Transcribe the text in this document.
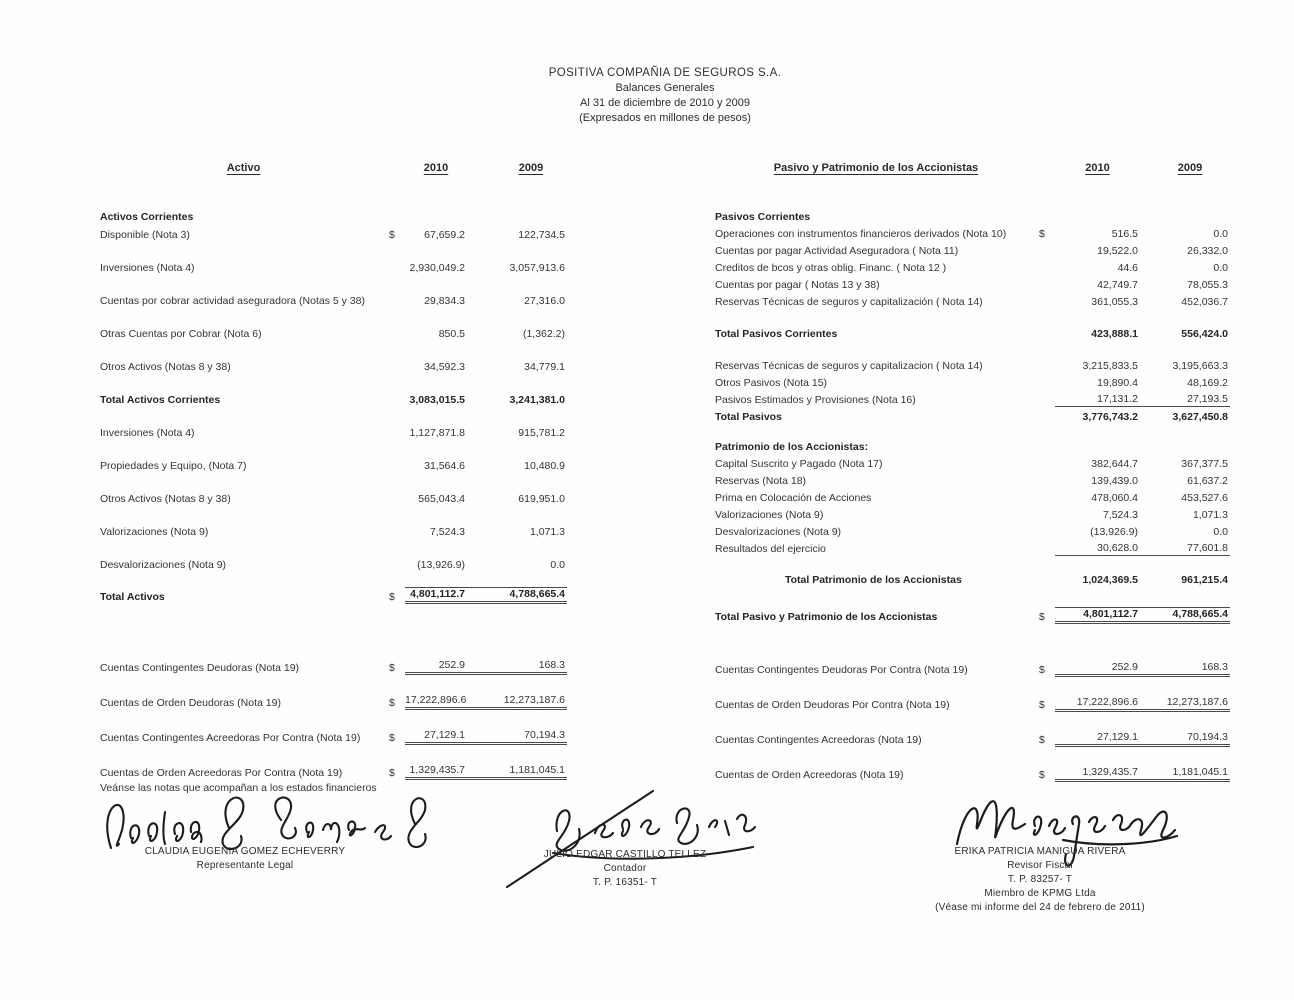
POSITIVA COMPAÑIA DE SEGUROS S.A.
Balances Generales
Al 31 de diciembre de 2010 y 2009
(Expresados en millones de pesos)
Activo	2010	2009	Pasivo y Patrimonio de los Accionistas	2010	2009
Activos Corrientes
Disponible (Nota 3)	$	67,659.2	122,734.5
Inversiones (Nota 4)	2,930,049.2	3,057,913.6
Cuentas por cobrar actividad aseguradora (Notas 5 y 38)	29,834.3	27,316.0
Otras Cuentas por Cobrar (Nota 6)	850.5	(1,362.2)
Otros Activos (Notas 8 y 38)	34,592.3	34,779.1
Total Activos Corrientes	3,083,015.5	3,241,381.0
Inversiones (Nota 4)	1,127,871.8	915,781.2
Propiedades y Equipo, (Nota 7)	31,564.6	10,480.9
Otros Activos (Notas 8 y 38)	565,043.4	619,951.0
Valorizaciones (Nota 9)	7,524.3	1,071.3
Desvalorizaciones (Nota 9)	(13,926.9)	0.0
Total Activos	$	4,801,112.7	4,788,665.4
Cuentas Contingentes Deudoras (Nota 19)	$	252.9	168.3
Cuentas de Orden Deudoras (Nota 19)	$ 17,222,896.6	12,273,187.6
Cuentas Contingentes Acreedoras Por Contra (Nota 19)	$	27,129.1	70,194.3
Cuentas de Orden Acreedoras Por Contra (Nota 19)	$	1,329,435.7	1,181,045.1
Pasivos Corrientes
Operaciones con instrumentos financieros derivados (Nota 10)	$	516.5	0.0
Cuentas por pagar Actividad Aseguradora ( Nota 11)	19,522.0	26,332.0
Creditos de bcos y otras oblig. Financ. ( Nota 12 )	44.6	0.0
Cuentas por pagar ( Notas 13 y 38)	42,749.7	78,055.3
Reservas Técnicas de seguros y capitalización ( Nota 14)	361,055.3	452,036.7
Total Pasivos Corrientes	423,888.1	556,424.0
Reservas Técnicas de seguros y capitalizacion ( Nota 14)	3,215,833.5	3,195,663.3
Otros Pasivos (Nota 15)	19,890.4	48,169.2
Pasivos Estimados y Provisiones (Nota 16)	17,131.2	27,193.5
Total Pasivos	3,776,743.2	3,627,450.8
Patrimonio de los Accionistas:
Capital Suscrito y Pagado (Nota 17)	382,644.7	367,377.5
Reservas (Nota 18)	139,439.0	61,637.2
Prima en Colocación de Acciones	478,060.4	453,527.6
Valorizaciones (Nota 9)	7,524.3	1,071.3
Desvalorizaciones (Nota 9)	(13,926.9)	0.0
Resultados del ejercicio	30,628.0	77,601.8
Total Patrimonio de los Accionistas	1,024,369.5	961,215.4
Total Pasivo y Patrimonio de los Accionistas	$	4,801,112.7	4,788,665.4
Cuentas Contingentes Deudoras Por Contra (Nota 19)	$	252.9	168.3
Cuentas de Orden Deudoras Por Contra (Nota 19)	$	17,222,896.6	12,273,187.6
Cuentas Contingentes Acreedoras (Nota 19)	$	27,129.1	70,194.3
Cuentas de Orden Acreedoras (Nota 19)	$	1,329,435.7	1,181,045.1
Veánse las notas que acompañan a los estados financieros
CLAUDIA EUGENIA GOMEZ ECHEVERRY
Representante Legal
JULIO EDGAR CASTILLO TELLEZ
Contador
T. P. 16351- T
ERIKA PATRICIA MANIGUA RIVERA
Revisor Fiscal
T. P. 83257- T
Miembro de KPMG Ltda
(Véase mi informe del 24 de febrero de 2011)
